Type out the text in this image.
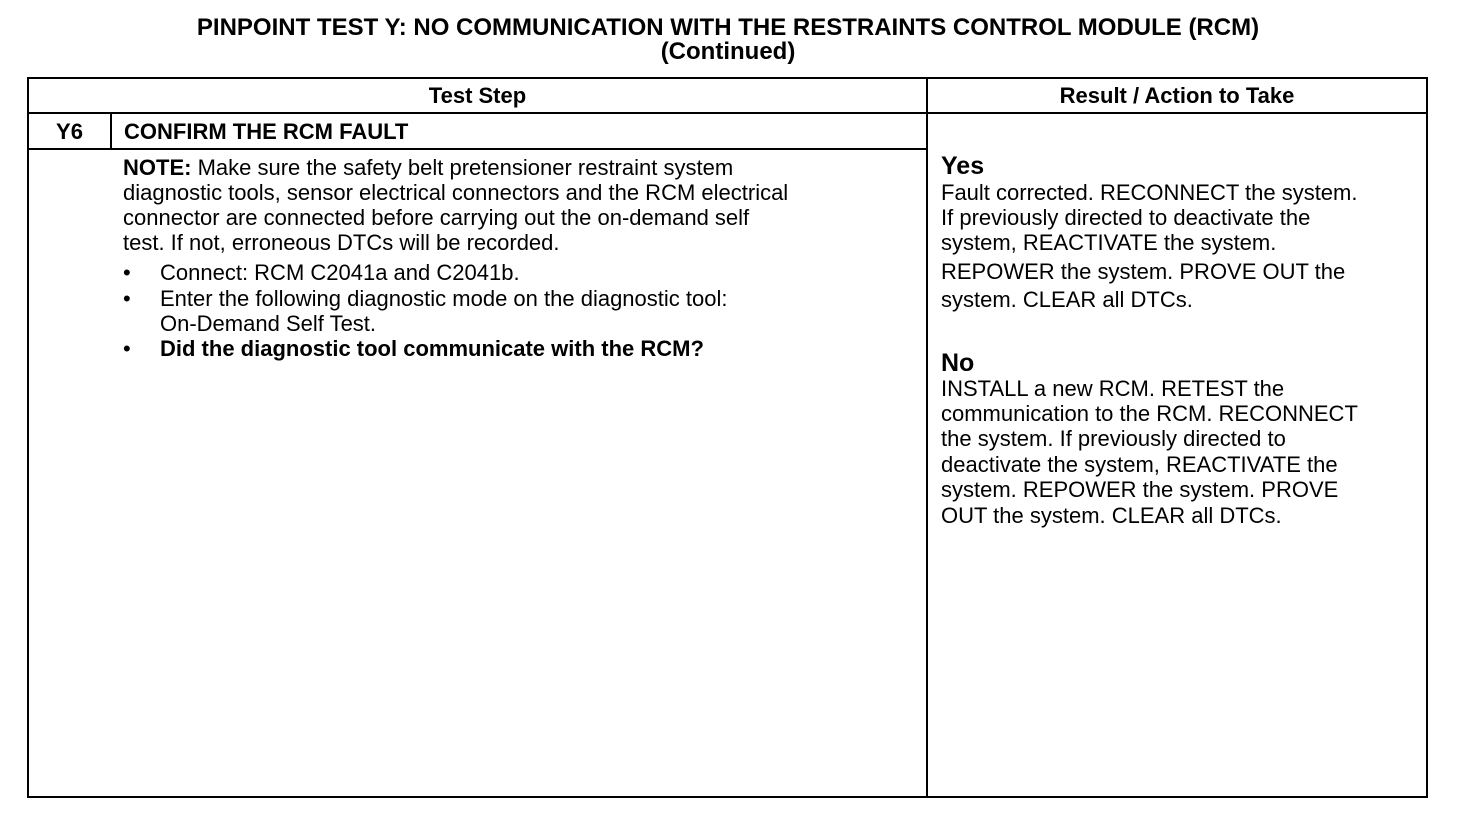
PINPOINT TEST Y: NO COMMUNICATION WITH THE RESTRAINTS CONTROL MODULE (RCM)
(Continued)
Test Step	Result / Action to Take
Y6	CONFIRM THE RCM FAULT
NOTE: Make sure the safety belt pretensioner restraint system
diagnostic tools, sensor electrical connectors and the RCM electrical
connector are connected before carrying out the on-demand self
test. If not, erroneous DTCs will be recorded.
• Connect: RCM C2041a and C2041b.
• Enter the following diagnostic mode on the diagnostic tool:
On-Demand Self Test.
• Did the diagnostic tool communicate with the RCM?
Yes
Fault corrected. RECONNECT the system.
If previously directed to deactivate the
system, REACTIVATE the system.
REPOWER the system. PROVE OUT the
system. CLEAR all DTCs.
No
INSTALL a new RCM. RETEST the
communication to the RCM. RECONNECT
the system. If previously directed to
deactivate the system, REACTIVATE the
system. REPOWER the system. PROVE
OUT the system. CLEAR all DTCs.
